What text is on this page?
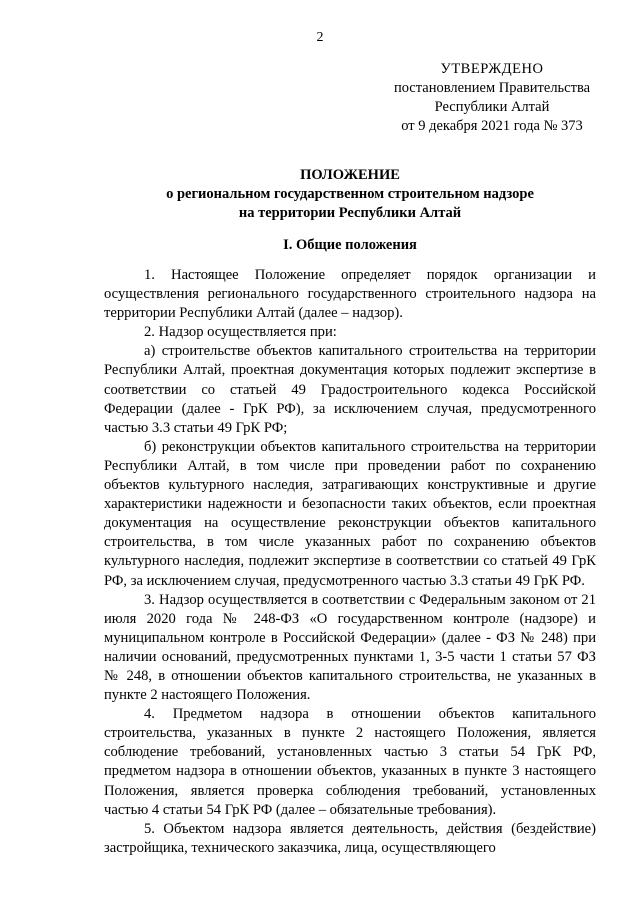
2
УТВЕРЖДЕНО
постановлением Правительства
Республики Алтай
от 9 декабря 2021 года № 373
ПОЛОЖЕНИЕ
о региональном государственном строительном надзоре
на территории Республики Алтай
I. Общие положения

1. Настоящее Положение определяет порядок организации и осуществления регионального государственного строительного надзора на территории Республики Алтай (далее – надзор).

2. Надзор осуществляется при:

а) строительстве объектов капитального строительства на территории Республики Алтай, проектная документация которых подлежит экспертизе в соответствии со статьей 49 Градостроительного кодекса Российской Федерации (далее - ГрК РФ), за исключением случая, предусмотренного частью 3.3 статьи 49 ГрК РФ;

б) реконструкции объектов капитального строительства на территории Республики Алтай, в том числе при проведении работ по сохранению объектов культурного наследия, затрагивающих конструктивные и другие характеристики надежности и безопасности таких объектов, если проектная документация на осуществление реконструкции объектов капитального строительства, в том числе указанных работ по сохранению объектов культурного наследия, подлежит экспертизе в соответствии со статьей 49 ГрК РФ, за исключением случая, предусмотренного частью 3.3 статьи 49 ГрК РФ.

3. Надзор осуществляется в соответствии с Федеральным законом от 21 июля 2020 года № 248-ФЗ «О государственном контроле (надзоре) и муниципальном контроле в Российской Федерации» (далее - ФЗ № 248) при наличии оснований, предусмотренных пунктами 1, 3-5 части 1 статьи 57 ФЗ № 248, в отношении объектов капитального строительства, не указанных в пункте 2 настоящего Положения.

4. Предметом надзора в отношении объектов капитального строительства, указанных в пункте 2 настоящего Положения, является соблюдение требований, установленных частью 3 статьи 54 ГрК РФ, предметом надзора в отношении объектов, указанных в пункте 3 настоящего Положения, является проверка соблюдения требований, установленных частью 4 статьи 54 ГрК РФ (далее – обязательные требования).

5. Объектом надзора является деятельность, действия (бездействие) застройщика, технического заказчика, лица, осуществляющего
